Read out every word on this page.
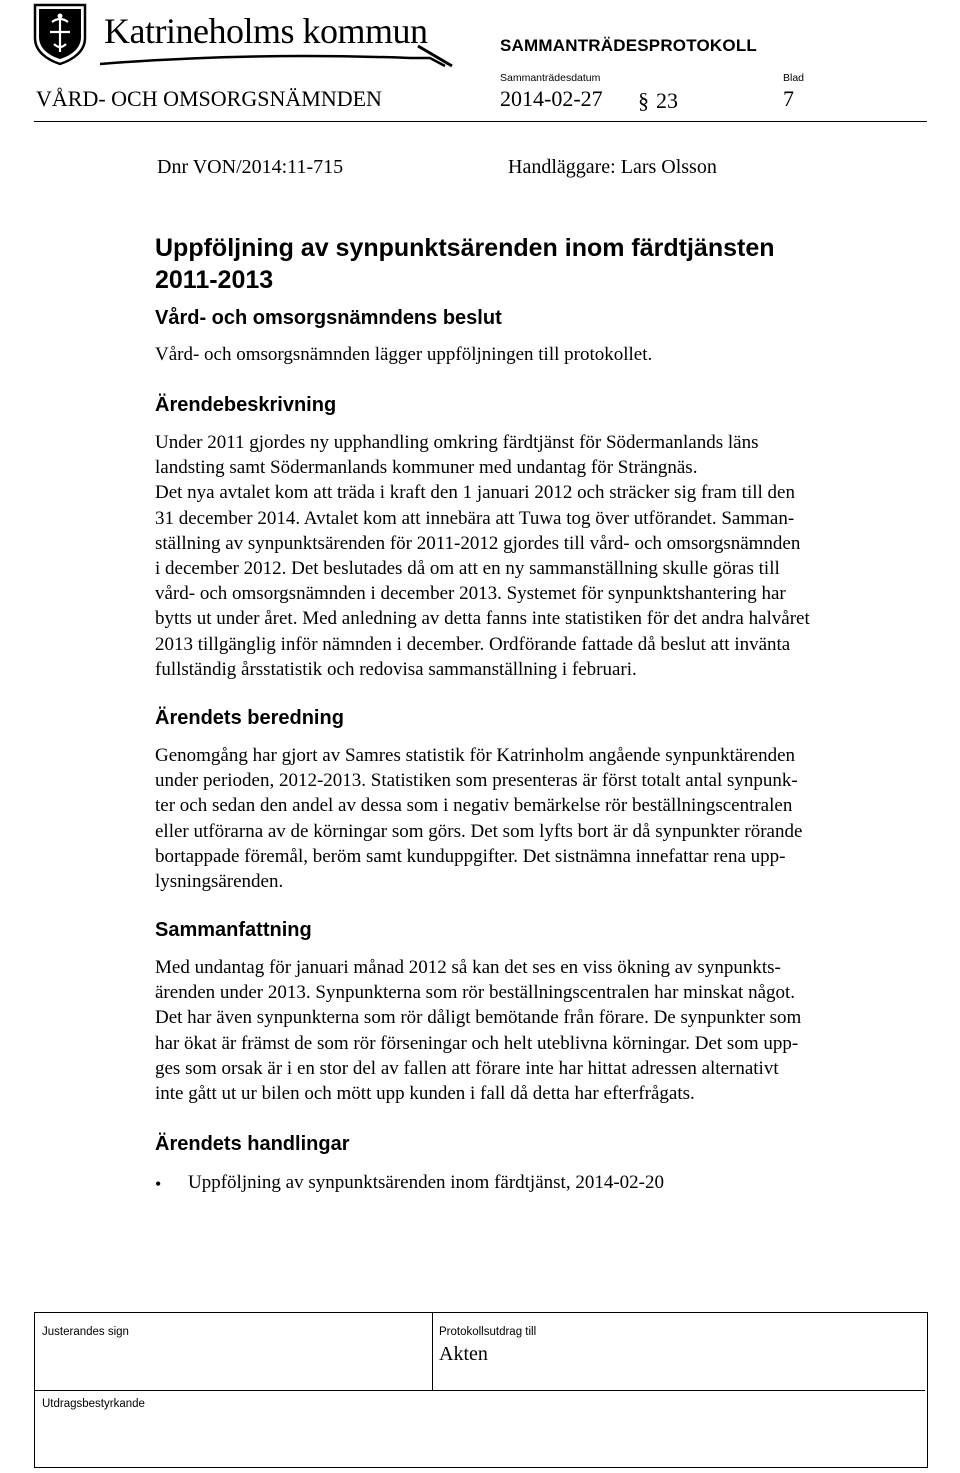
Katrineholms kommun	SAMMANTRÄDESPROTOKOLL
Sammanträdesdatum	Blad
VÅRD- OCH OMSORGSNÄMNDEN	2014-02-27 § 23	7
Dnr VON/2014:11-715	Handläggare: Lars Olsson
Uppföljning av synpunktsärenden inom färdtjänsten
2011-2013
Vård- och omsorgsnämndens beslut
Vård- och omsorgsnämnden lägger uppföljningen till protokollet.
Ärendebeskrivning
Under 2011 gjordes ny upphandling omkring färdtjänst för Södermanlands läns
landsting samt Södermanlands kommuner med undantag för Strängnäs.
Det nya avtalet kom att träda i kraft den 1 januari 2012 och sträcker sig fram till den
31 december 2014. Avtalet kom att innebära att Tuwa tog över utförandet. Samman-
ställning av synpunktsärenden för 2011-2012 gjordes till vård- och omsorgsnämnden
i december 2012. Det beslutades då om att en ny sammanställning skulle göras till
vård- och omsorgsnämnden i december 2013. Systemet för synpunktshantering har
bytts ut under året. Med anledning av detta fanns inte statistiken för det andra halvåret
2013 tillgänglig inför nämnden i december. Ordförande fattade då beslut att invänta
fullständig årsstatistik och redovisa sammanställning i februari.
Ärendets beredning
Genomgång har gjort av Samres statistik för Katrinholm angående synpunktärenden
under perioden, 2012-2013. Statistiken som presenteras är först totalt antal synpunk-
ter och sedan den andel av dessa som i negativ bemärkelse rör beställningscentralen
eller utförarna av de körningar som görs. Det som lyfts bort är då synpunkter rörande
bortappade föremål, beröm samt kunduppgifter. Det sistnämna innefattar rena upp-
lysningsärenden.
Sammanfattning
Med undantag för januari månad 2012 så kan det ses en viss ökning av synpunkts-
ärenden under 2013. Synpunkterna som rör beställningscentralen har minskat något.
Det har även synpunkterna som rör dåligt bemötande från förare. De synpunkter som
har ökat är främst de som rör förseningar och helt uteblivna körningar. Det som upp-
ges som orsak är i en stor del av fallen att förare inte har hittat adressen alternativt
inte gått ut ur bilen och mött upp kunden i fall då detta har efterfrågats.
Ärendets handlingar
• Uppföljning av synpunktsärenden inom färdtjänst, 2014-02-20
Justerandes sign	Protokollsutdrag till
Akten
Utdragsbestyrkande
